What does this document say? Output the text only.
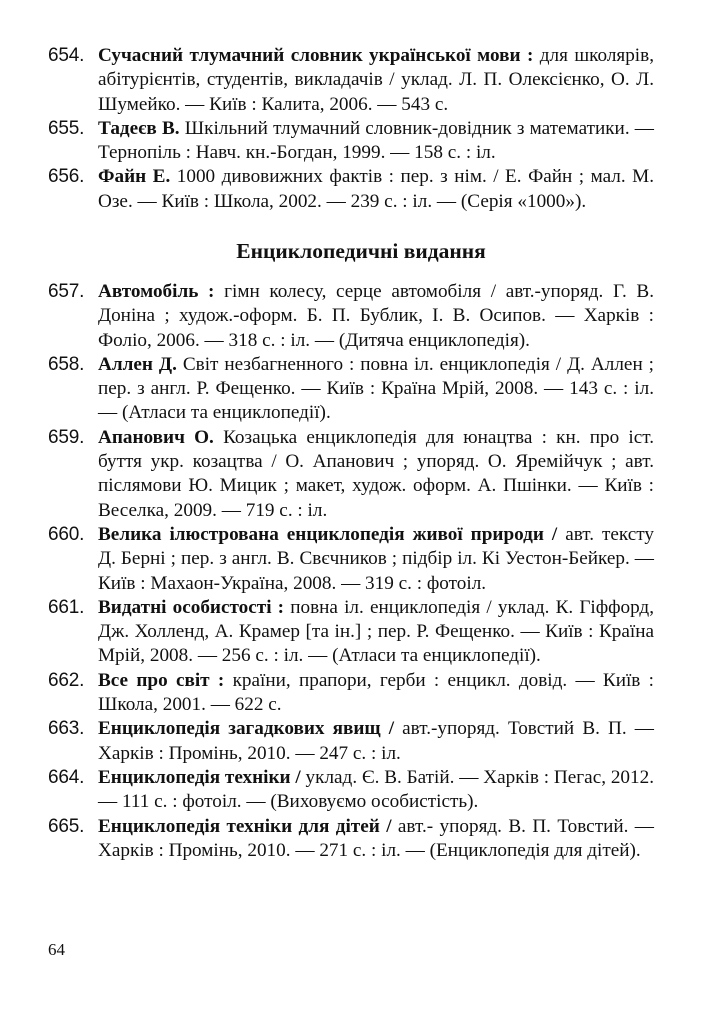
654. Сучасний тлумачний словник української мови : для школярів, абітурієнтів, студентів, викладачів / уклад. Л. П. Олексієнко, О. Л. Шумейко. — Київ : Калита, 2006. — 543 с.

655. Тадеєв В. Шкільний тлумачний словник-довідник з математики. — Тернопіль : Навч. кн.-Богдан, 1999. — 158 с. : іл.

656. Файн Е. 1000 дивовижних фактів : пер. з нім. / Е. Файн ; мал. М. Озе. — Київ : Школа, 2002. — 239 с. : іл. — (Серія «1000»).

Енциклопедичні видання

657. Автомобіль : гімн колесу, серце автомобіля / авт.-упоряд. Г. В. Доніна ; худож.-оформ. Б. П. Бублик, І. В. Осипов. — Харків : Фоліо, 2006. — 318 с. : іл. — (Дитяча енциклопедія).

658. Аллен Д. Світ незбагненного : повна іл. енциклопедія / Д. Аллен ; пер. з англ. Р. Фещенко. — Київ : Країна Мрій, 2008. — 143 с. : іл. — (Атласи та енциклопедії).

659. Апанович О. Козацька енциклопедія для юнацтва : кн. про іст. буття укр. козацтва / О. Апанович ; упоряд. О. Яремійчук ; авт. післямови Ю. Мицик ; макет, худож. оформ. А. Пшінки. — Київ : Веселка, 2009. — 719 с. : іл.

660. Велика ілюстрована енциклопедія живої природи / авт. тексту Д. Берні ; пер. з англ. В. Свєчников ; підбір іл. Кі Уестон-Бейкер. — Київ : Махаон-Україна, 2008. — 319 с. : фотоіл.

661. Видатні особистості : повна іл. енциклопедія / уклад. К. Гіффорд, Дж. Холленд, А. Крамер [та ін.] ; пер. Р. Фещенко. — Київ : Країна Мрій, 2008. — 256 с. : іл. — (Атласи та енциклопедії).

662. Все про світ : країни, прапори, герби : енцикл. довід. — Київ : Школа, 2001. — 622 с.

663. Енциклопедія загадкових явищ / авт.-упоряд. Товстий В. П. — Харків : Промінь, 2010. — 247 с. : іл.

664. Енциклопедія техніки / уклад. Є. В. Батій. — Харків : Пегас, 2012. — 111 с. : фотоіл. — (Виховуємо особистість).

665. Енциклопедія техніки для дітей / авт.- упоряд. В. П. Товстий. — Харків : Промінь, 2010. — 271 с. : іл. — (Енциклопедія для дітей).

64
